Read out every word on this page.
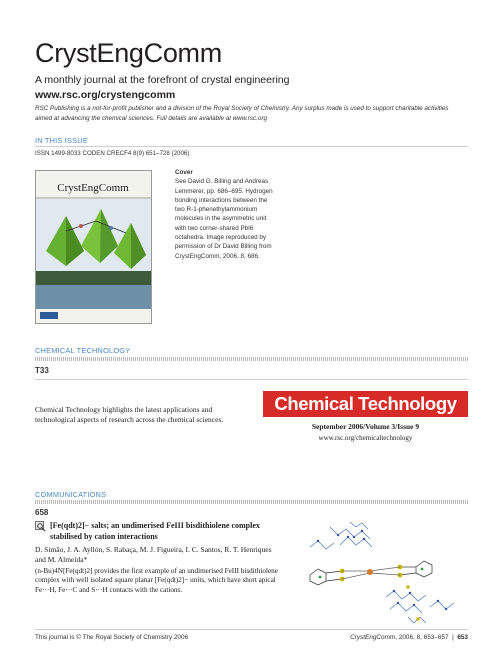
CrystEngComm
A monthly journal at the forefront of crystal engineering
www.rsc.org/crystengcomm
RSC Publishing is a not-for-profit publisher and a division of the Royal Society of Chemistry. Any surplus made is used to support charitable activities aimed at advancing the chemical sciences. Full details are available at www.rsc.org
IN THIS ISSUE
ISSN 1499-8033 CODEN CRECF4 8(9) 651–728 (2006)
CrystEngComm
Cover
See David G. Billing and Andreas Lemmerer, pp. 686–695. Hydrogen bonding interactions between the two R-1-phenethylammonium molecules in the asymmetric unit with two corner-shared PbI6 octahedra. Image reproduced by permission of Dr David Billing from CrystEngComm, 2006, 8, 686.
CHEMICAL TECHNOLOGY
T33
Chemical Technology highlights the latest applications and technological aspects of research across the chemical sciences.
Chemical Technology
September 2006/Volume 3/Issue 9
www.rsc.org/chemicaltechnology
COMMUNICATIONS
658
[Fe(qdt)2]− salts; an undimerised FeIII bisdithiolene complex stabilised by cation interactions
D. Simão, J. A. Ayllón, S. Rabaça, M. J. Figueira, I. C. Santos, R. T. Henriques and M. Almeida*
(n-Bu)4N[Fe(qdt)2] provides the first example of an undimerised FeIII bisdithiolene complex with well isolated square planar [Fe(qdt)2]− units, which have short apical Fe···H, Fe···C and S···H contacts with the cations.
This journal is © The Royal Society of Chemistry 2006	CrystEngComm, 2006, 8, 653–657  |  653
